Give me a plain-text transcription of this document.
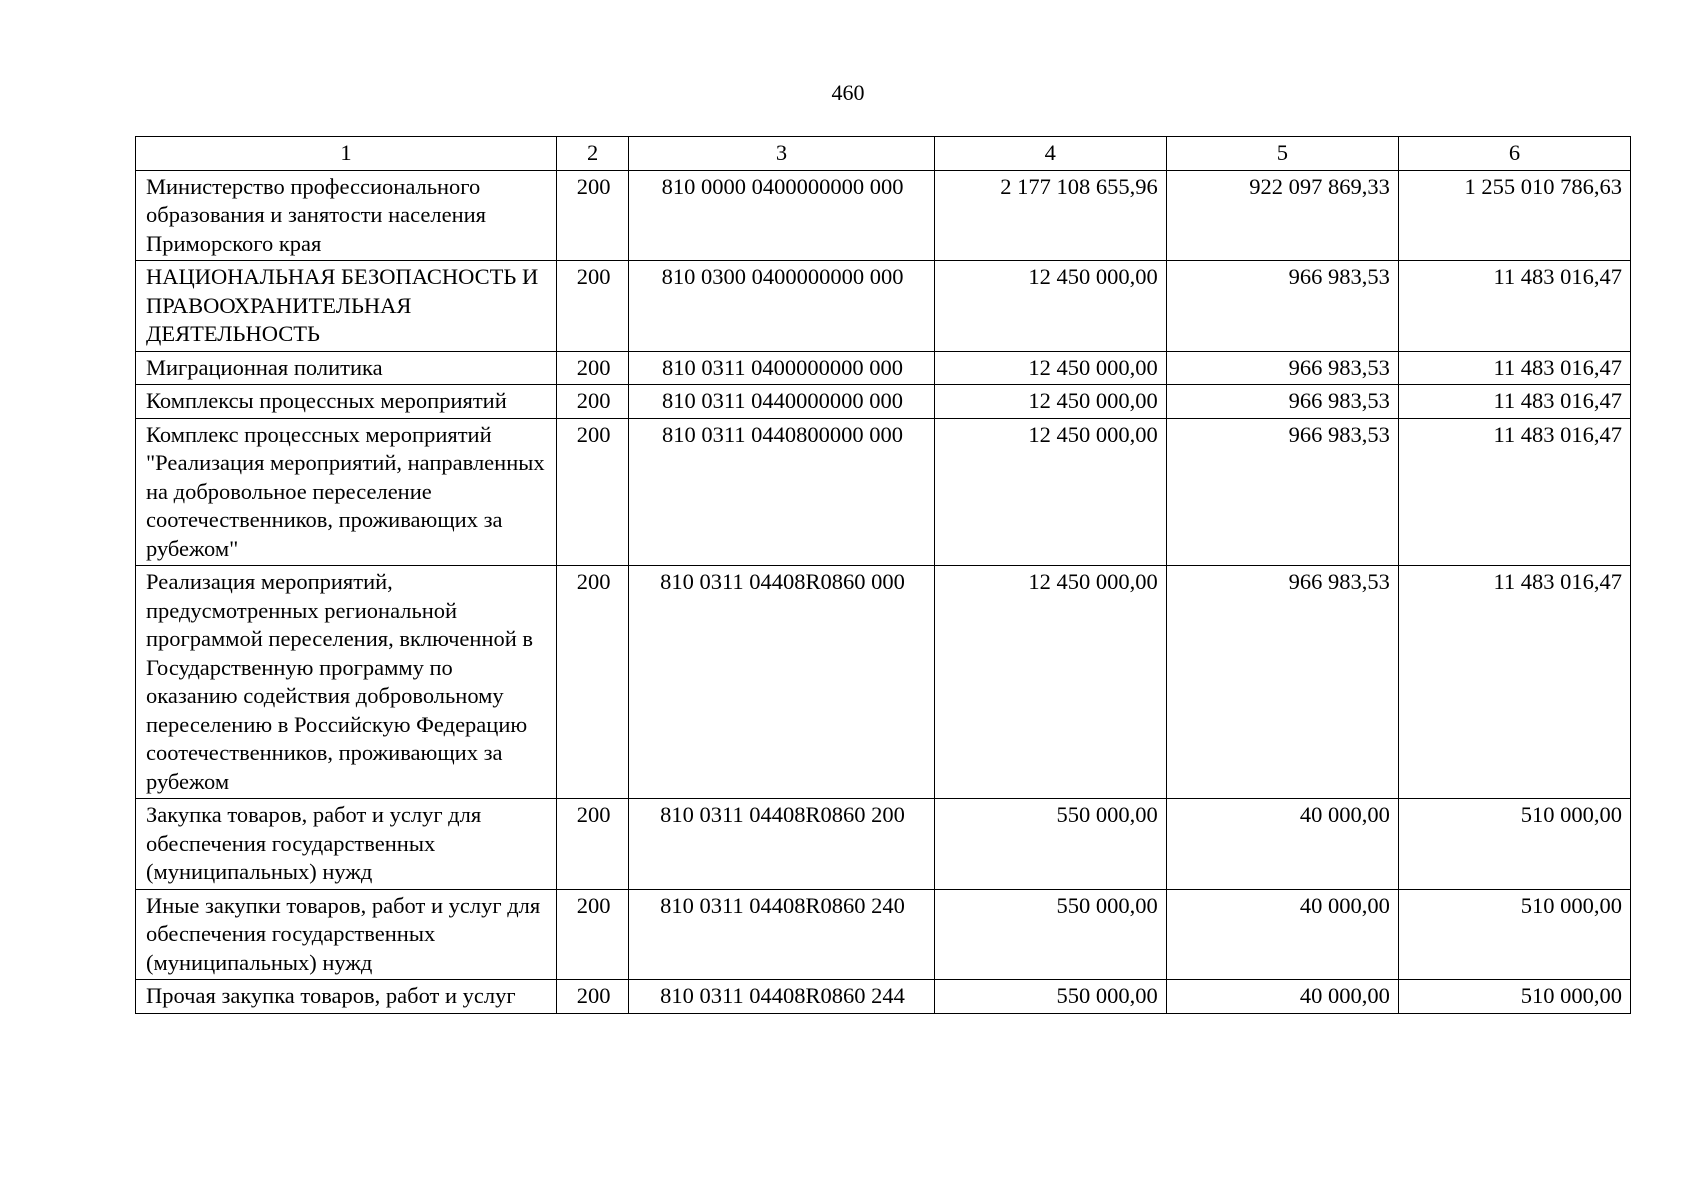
460
1	2	3	4	5	6
Министерство профессионального образования и занятости населения Приморского края	200	810 0000 0400000000 000	2 177 108 655,96	922 097 869,33	1 255 010 786,63
НАЦИОНАЛЬНАЯ БЕЗОПАСНОСТЬ И ПРАВООХРАНИТЕЛЬНАЯ ДЕЯТЕЛЬНОСТЬ	200	810 0300 0400000000 000	12 450 000,00	966 983,53	11 483 016,47
Миграционная политика	200	810 0311 0400000000 000	12 450 000,00	966 983,53	11 483 016,47
Комплексы процессных мероприятий	200	810 0311 0440000000 000	12 450 000,00	966 983,53	11 483 016,47
Комплекс процессных мероприятий "Реализация мероприятий, направленных на добровольное переселение соотечественников, проживающих за рубежом"	200	810 0311 0440800000 000	12 450 000,00	966 983,53	11 483 016,47
Реализация мероприятий, предусмотренных региональной программой переселения, включенной в Государственную программу по оказанию содействия добровольному переселению в Российскую Федерацию соотечественников, проживающих за рубежом	200	810 0311 04408R0860 000	12 450 000,00	966 983,53	11 483 016,47
Закупка товаров, работ и услуг для обеспечения государственных (муниципальных) нужд	200	810 0311 04408R0860 200	550 000,00	40 000,00	510 000,00
Иные закупки товаров, работ и услуг для обеспечения государственных (муниципальных) нужд	200	810 0311 04408R0860 240	550 000,00	40 000,00	510 000,00
Прочая закупка товаров, работ и услуг	200	810 0311 04408R0860 244	550 000,00	40 000,00	510 000,00
